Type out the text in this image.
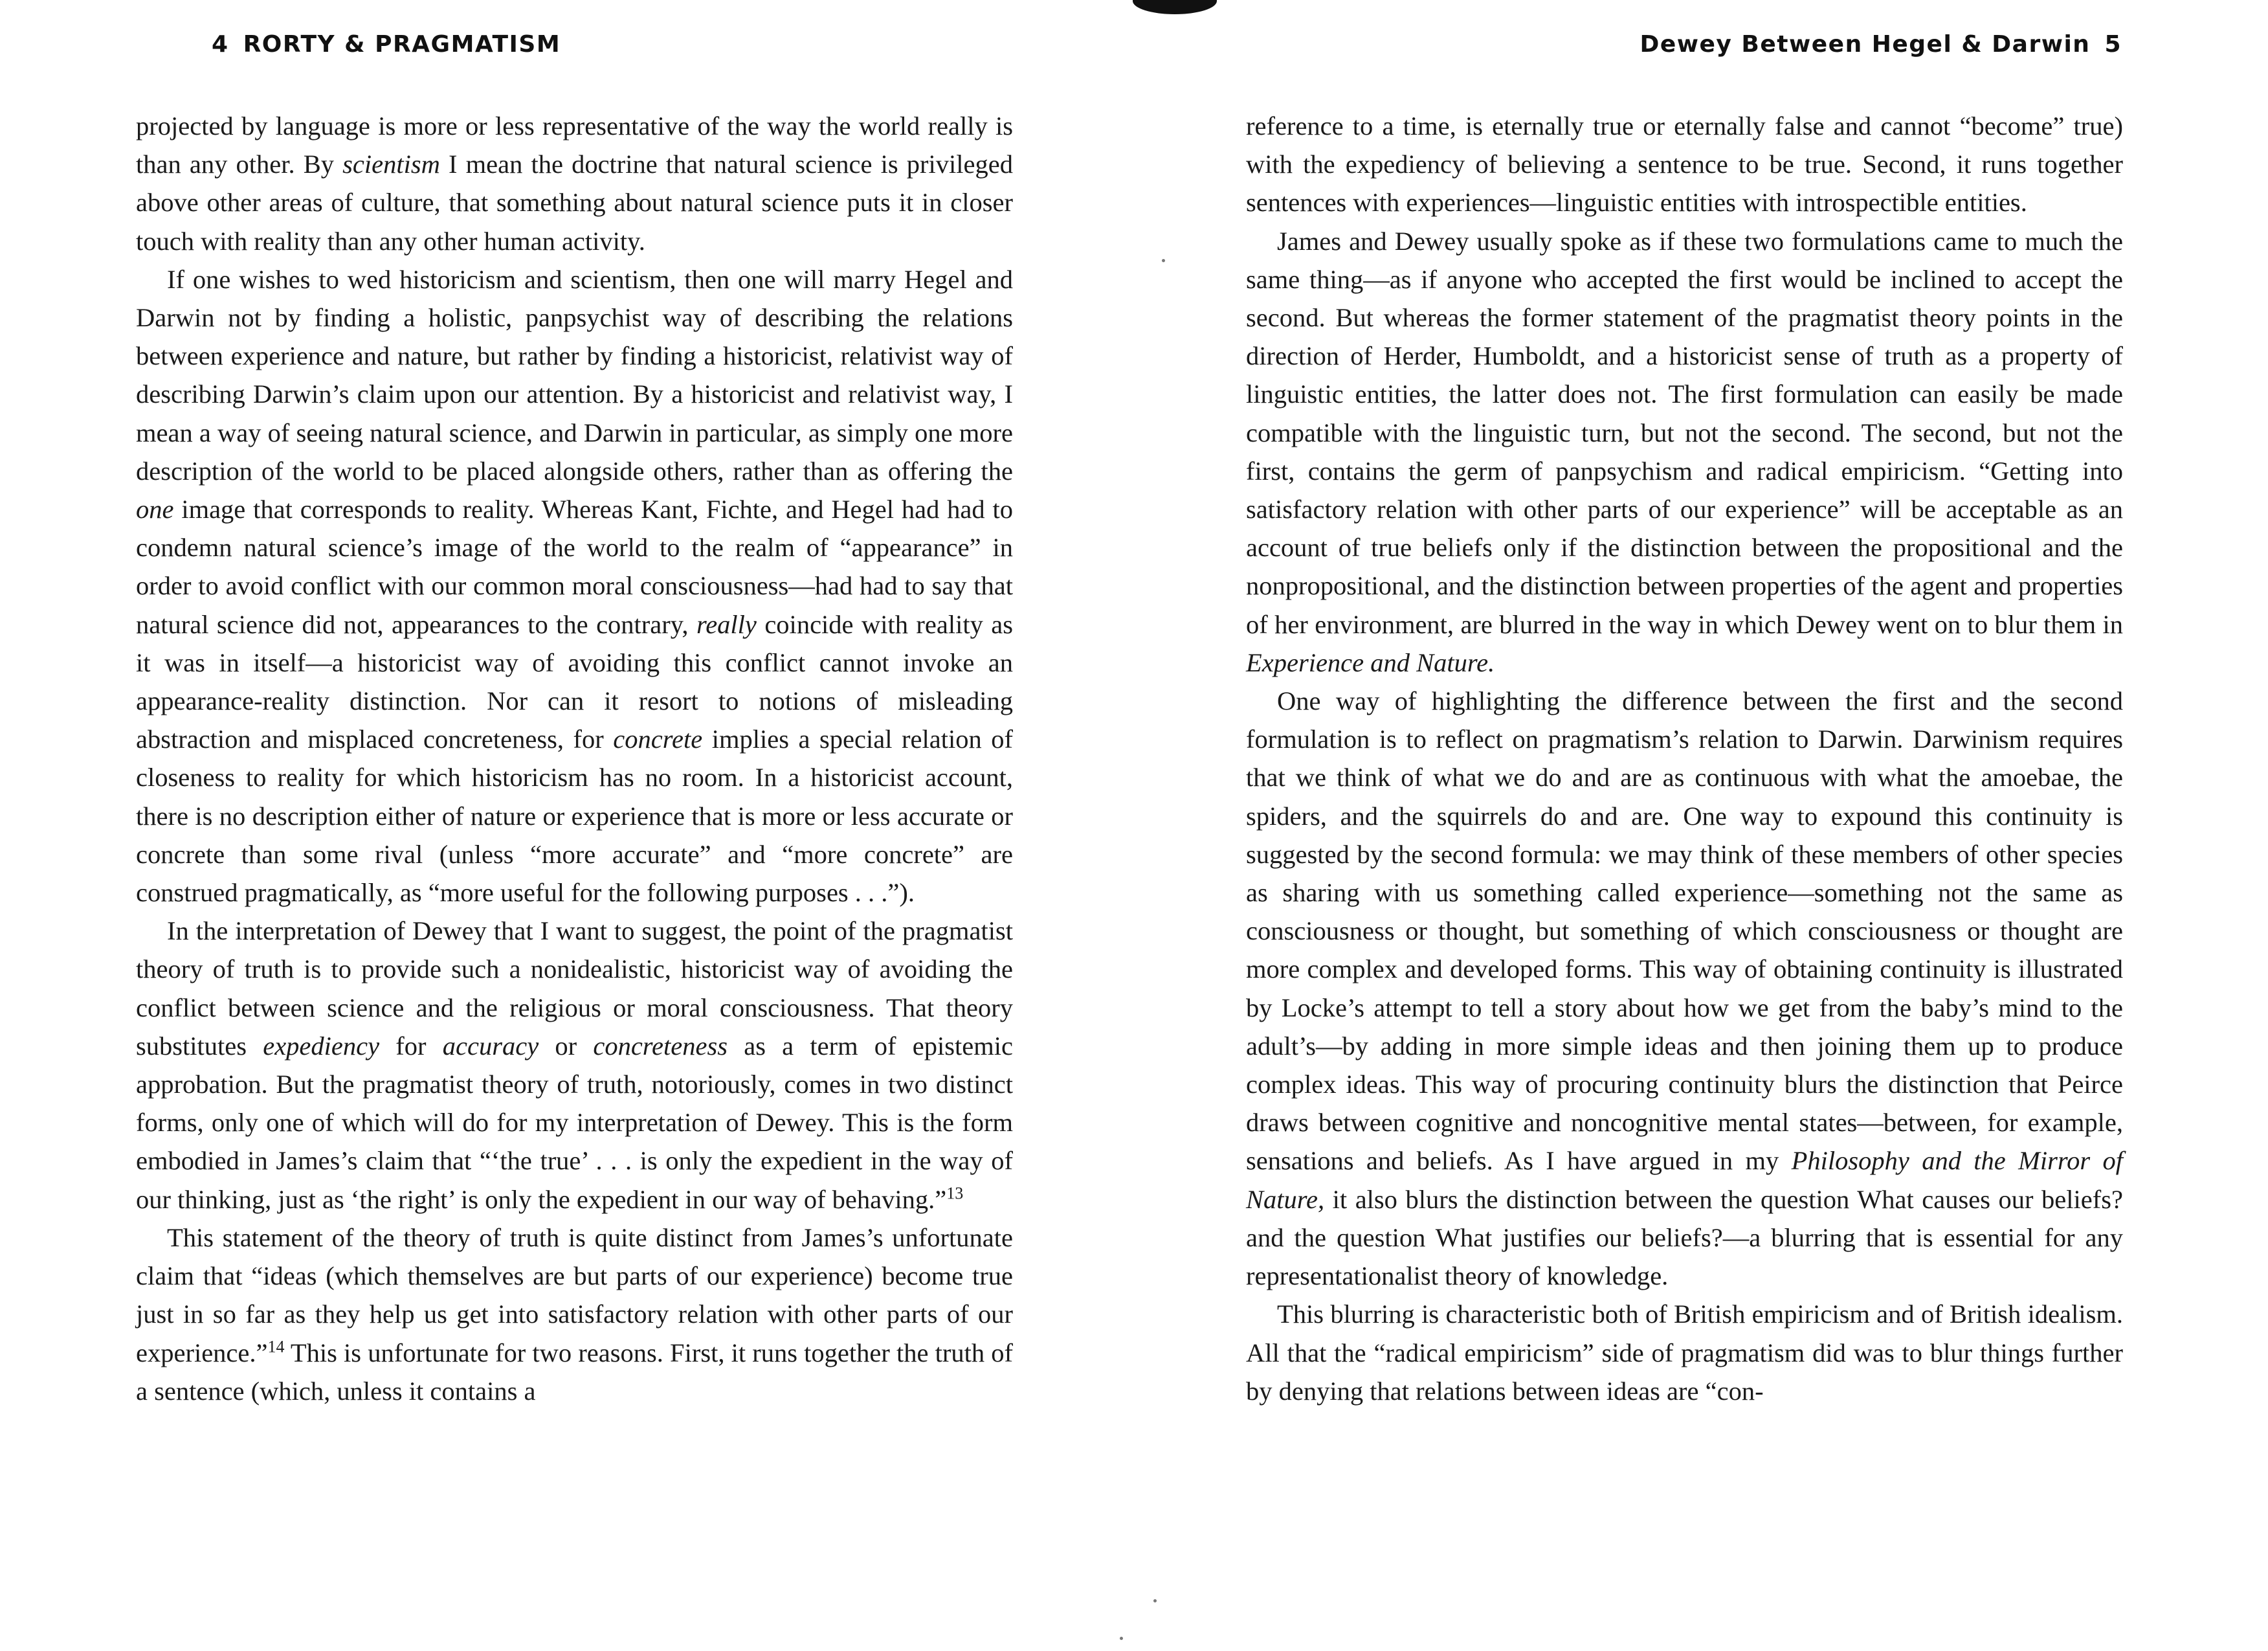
4 RORTY & PRAGMATISM

projected by language is more or less representative of the way the world really is than any other. By scientism I mean the doctrine that natural science is privileged above other areas of culture, that something about natural science puts it in closer touch with reality than any other human activity.

If one wishes to wed historicism and scientism, then one will marry Hegel and Darwin not by finding a holistic, panpsychist way of describing the relations between experience and nature, but rather by finding a historicist, relativist way of describing Darwin’s claim upon our attention. By a historicist and relativist way, I mean a way of seeing natural science, and Darwin in particular, as simply one more description of the world to be placed alongside others, rather than as offering the one image that corresponds to reality. Whereas Kant, Fichte, and Hegel had had to condemn natural science’s image of the world to the realm of “appearance” in order to avoid conflict with our common moral consciousness—had had to say that natural science did not, appearances to the contrary, really coincide with reality as it was in itself—a historicist way of avoiding this conflict cannot invoke an appearance-reality distinction. Nor can it resort to notions of misleading abstraction and misplaced concreteness, for concrete implies a special relation of closeness to reality for which historicism has no room. In a historicist account, there is no description either of nature or experience that is more or less accurate or concrete than some rival (unless “more accurate” and “more concrete” are construed pragmatically, as “more useful for the following purposes . . .”).

In the interpretation of Dewey that I want to suggest, the point of the pragmatist theory of truth is to provide such a nonidealistic, historicist way of avoiding the conflict between science and the religious or moral consciousness. That theory substitutes expediency for accuracy or concreteness as a term of epistemic approbation. But the pragmatist theory of truth, notoriously, comes in two distinct forms, only one of which will do for my interpretation of Dewey. This is the form embodied in James’s claim that “‘the true’ . . . is only the expedient in the way of our thinking, just as ‘the right’ is only the expedient in our way of behaving.”$^{13}$

This statement of the theory of truth is quite distinct from James’s unfortunate claim that “ideas (which themselves are but parts of our experience) become true just in so far as they help us get into satisfactory relation with other parts of our experience.”$^{14}$ This is unfortunate for two reasons. First, it runs together the truth of a sentence (which, unless it contains a

Dewey Between Hegel & Darwin 5

reference to a time, is eternally true or eternally false and cannot “become” true) with the expediency of believing a sentence to be true. Second, it runs together sentences with experiences—linguistic entities with introspectible entities.

James and Dewey usually spoke as if these two formulations came to much the same thing—as if anyone who accepted the first would be inclined to accept the second. But whereas the former statement of the pragmatist theory points in the direction of Herder, Humboldt, and a historicist sense of truth as a property of linguistic entities, the latter does not. The first formulation can easily be made compatible with the linguistic turn, but not the second. The second, but not the first, contains the germ of panpsychism and radical empiricism. “Getting into satisfactory relation with other parts of our experience” will be acceptable as an account of true beliefs only if the distinction between the propositional and the nonpropositional, and the distinction between properties of the agent and properties of her environment, are blurred in the way in which Dewey went on to blur them in Experience and Nature.

One way of highlighting the difference between the first and the second formulation is to reflect on pragmatism’s relation to Darwin. Darwinism requires that we think of what we do and are as continuous with what the amoebae, the spiders, and the squirrels do and are. One way to expound this continuity is suggested by the second formula: we may think of these members of other species as sharing with us something called experience—something not the same as consciousness or thought, but something of which consciousness or thought are more complex and developed forms. This way of obtaining continuity is illustrated by Locke’s attempt to tell a story about how we get from the baby’s mind to the adult’s—by adding in more simple ideas and then joining them up to produce complex ideas. This way of procuring continuity blurs the distinction that Peirce draws between cognitive and noncognitive mental states—between, for example, sensations and beliefs. As I have argued in my Philosophy and the Mirror of Nature, it also blurs the distinction between the question What causes our beliefs? and the question What justifies our beliefs?—a blurring that is essential for any representationalist theory of knowledge.

This blurring is characteristic both of British empiricism and of British idealism. All that the “radical empiricism” side of pragmatism did was to blur things further by denying that relations between ideas are “con-
